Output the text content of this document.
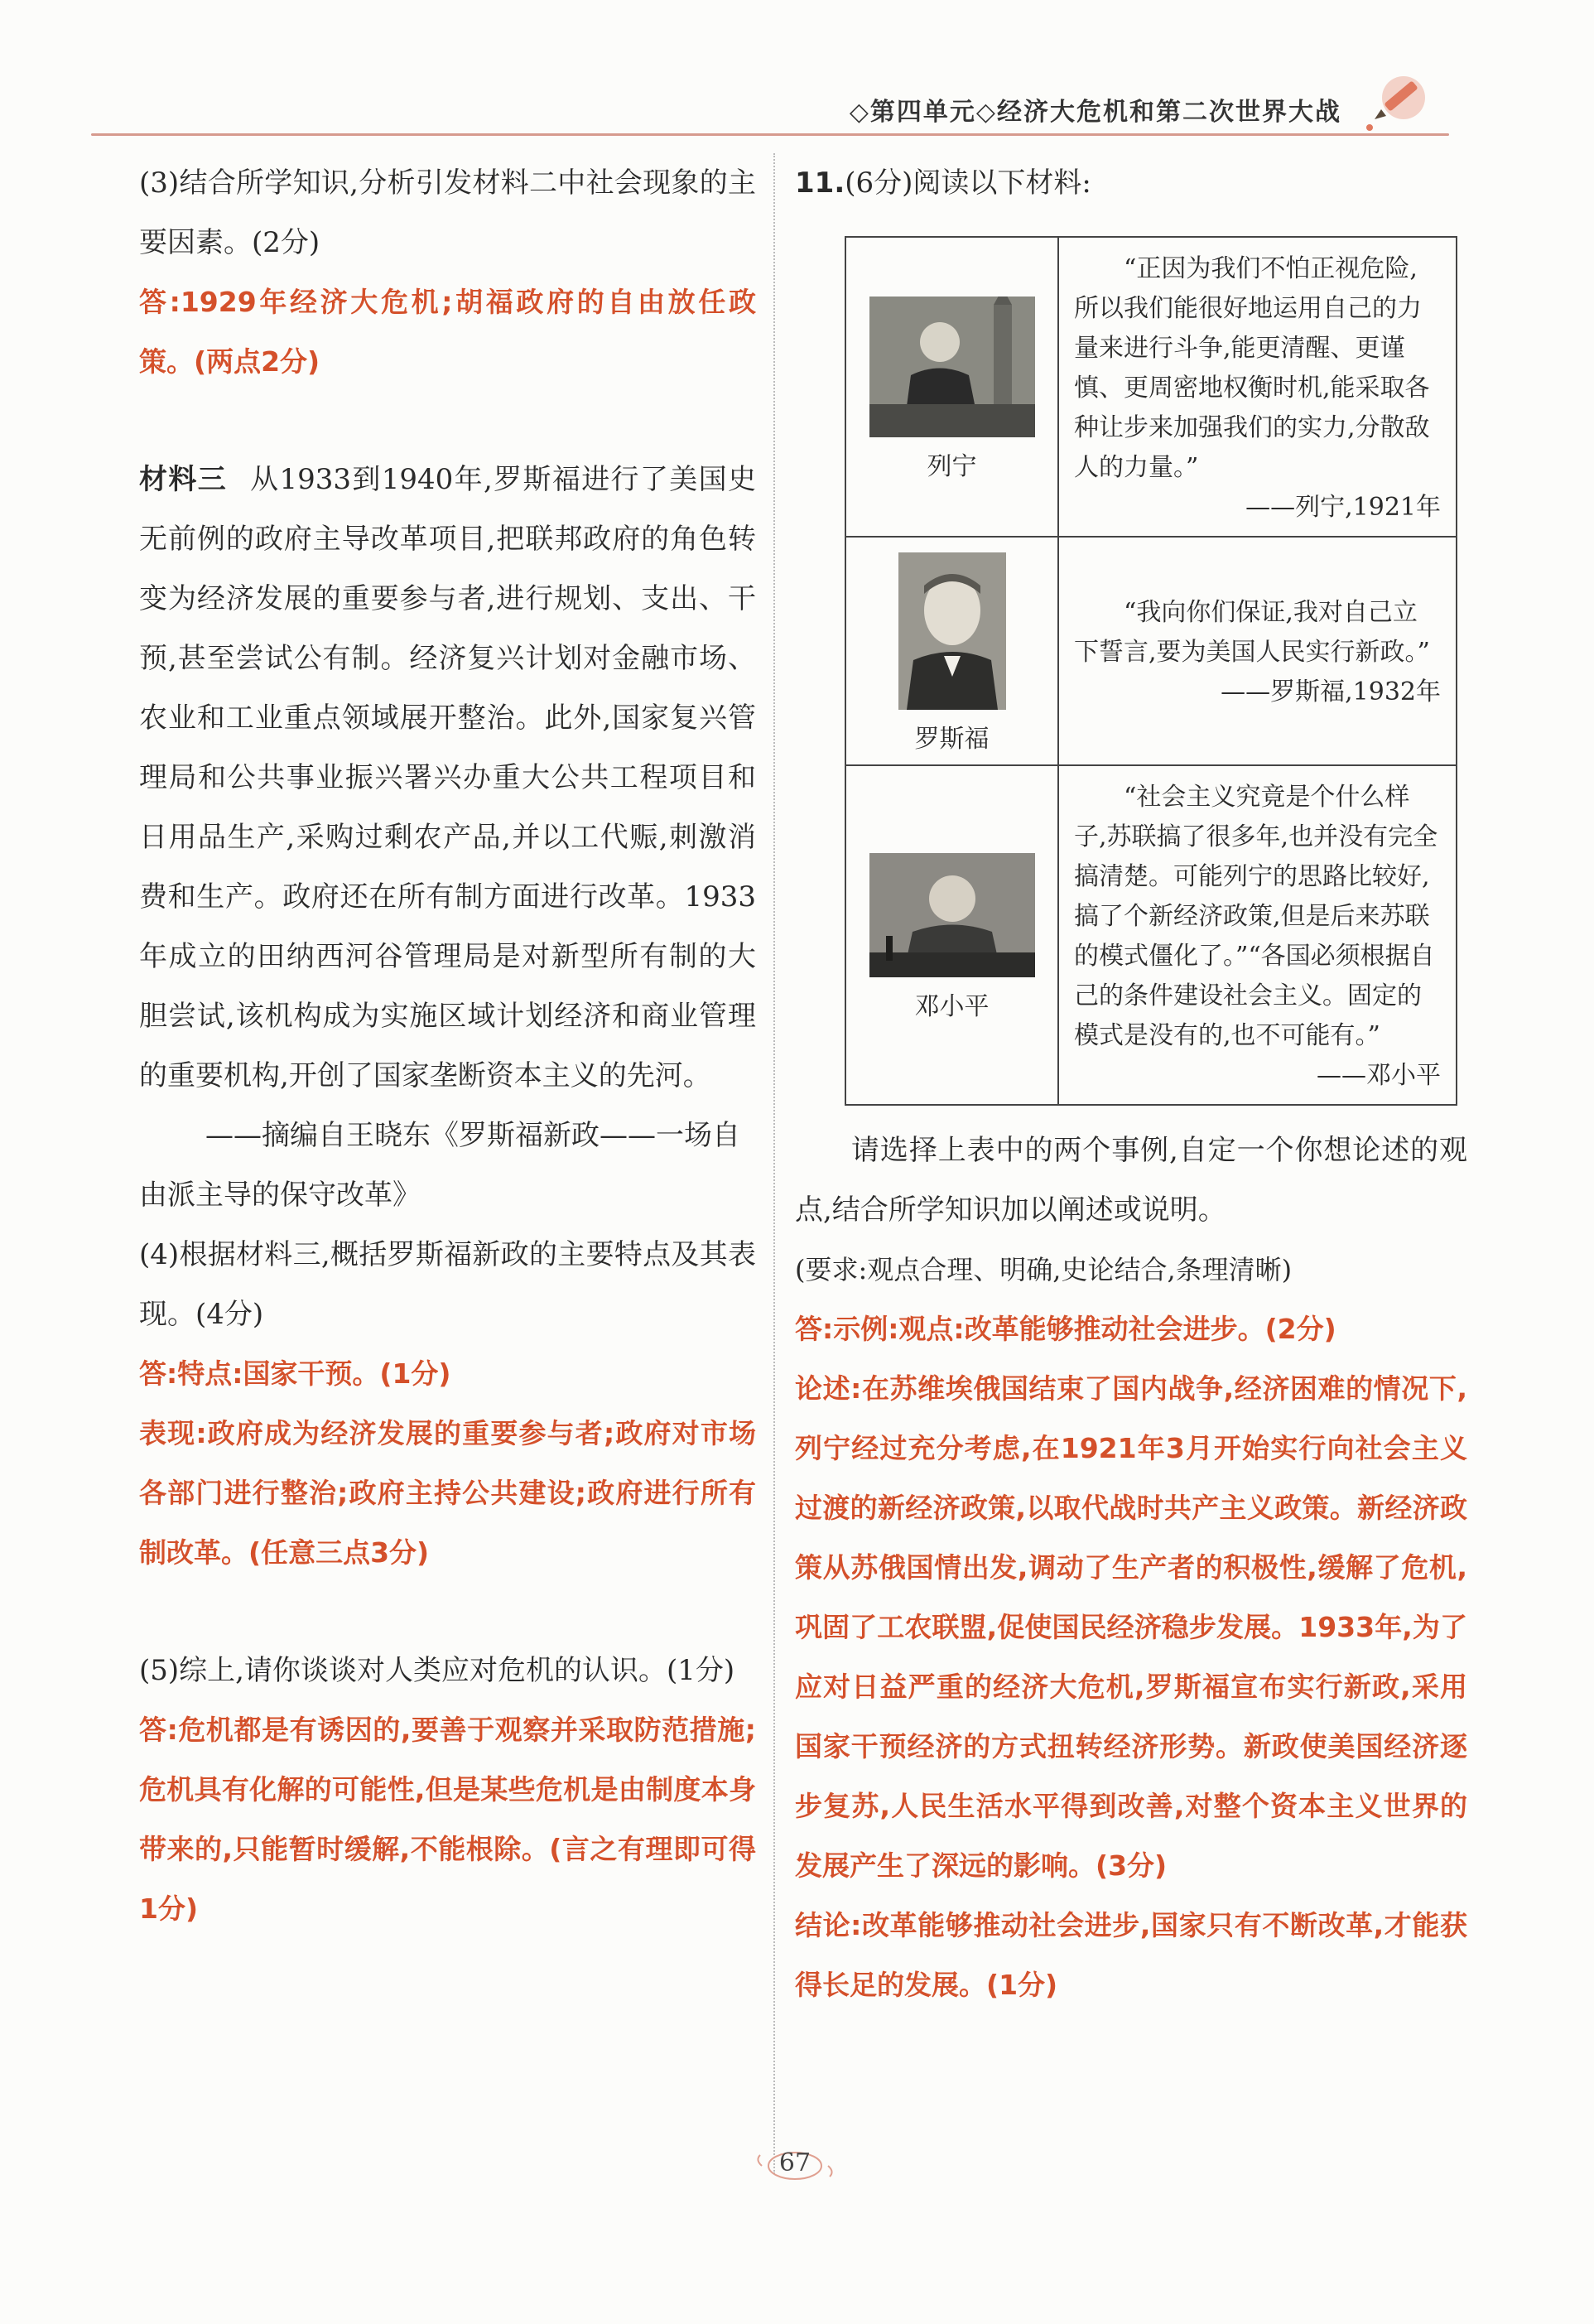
◇第四单元◇经济大危机和第二次世界大战

(3)结合所学知识,分析引发材料二中社会现象的主要因素。(2分)

答:1929年经济大危机;胡福政府的自由放任政策。(两点2分)

材料三 从1933到1940年,罗斯福进行了美国史无前例的政府主导改革项目,把联邦政府的角色转变为经济发展的重要参与者,进行规划、支出、干预,甚至尝试公有制。经济复兴计划对金融市场、农业和工业重点领域展开整治。此外,国家复兴管理局和公共事业振兴署兴办重大公共工程项目和日用品生产,采购过剩农产品,并以工代赈,刺激消费和生产。政府还在所有制方面进行改革。1933年成立的田纳西河谷管理局是对新型所有制的大胆尝试,该机构成为实施区域计划经济和商业管理的重要机构,开创了国家垄断资本主义的先河。

——摘编自王晓东《罗斯福新政——一场自由派主导的保守改革》

(4)根据材料三,概括罗斯福新政的主要特点及其表现。(4分)

答:特点:国家干预。(1分)

表现:政府成为经济发展的重要参与者;政府对市场各部门进行整治;政府主持公共建设;政府进行所有制改革。(任意三点3分)

(5)综上,请你谈谈对人类应对危机的认识。(1分)

答:危机都是有诱因的,要善于观察并采取防范措施;危机具有化解的可能性,但是某些危机是由制度本身带来的,只能暂时缓解,不能根除。(言之有理即可得1分)

11.(6分)阅读以下材料:

列宁	“正因为我们不怕正视危险,所以我们能很好地运用自己的力量来进行斗争,能更清醒、更谨慎、更周密地权衡时机,能采取各种让步来加强我们的实力,分散敌人的力量。”
——列宁,1921年

罗斯福	“我向你们保证,我对自己立下誓言,要为美国人民实行新政。”
——罗斯福,1932年

邓小平	“社会主义究竟是个什么样子,苏联搞了很多年,也并没有完全搞清楚。可能列宁的思路比较好,搞了个新经济政策,但是后来苏联的模式僵化了。”“各国必须根据自己的条件建设社会主义。固定的模式是没有的,也不可能有。”
——邓小平

请选择上表中的两个事例,自定一个你想论述的观点,结合所学知识加以阐述或说明。

(要求:观点合理、明确,史论结合,条理清晰)

答:示例:观点:改革能够推动社会进步。(2分)

论述:在苏维埃俄国结束了国内战争,经济困难的情况下,列宁经过充分考虑,在1921年3月开始实行向社会主义过渡的新经济政策,以取代战时共产主义政策。新经济政策从苏俄国情出发,调动了生产者的积极性,缓解了危机,巩固了工农联盟,促使国民经济稳步发展。1933年,为了应对日益严重的经济大危机,罗斯福宣布实行新政,采用国家干预经济的方式扭转经济形势。新政使美国经济逐步复苏,人民生活水平得到改善,对整个资本主义世界的发展产生了深远的影响。(3分)

结论:改革能够推动社会进步,国家只有不断改革,才能获得长足的发展。(1分)

67
